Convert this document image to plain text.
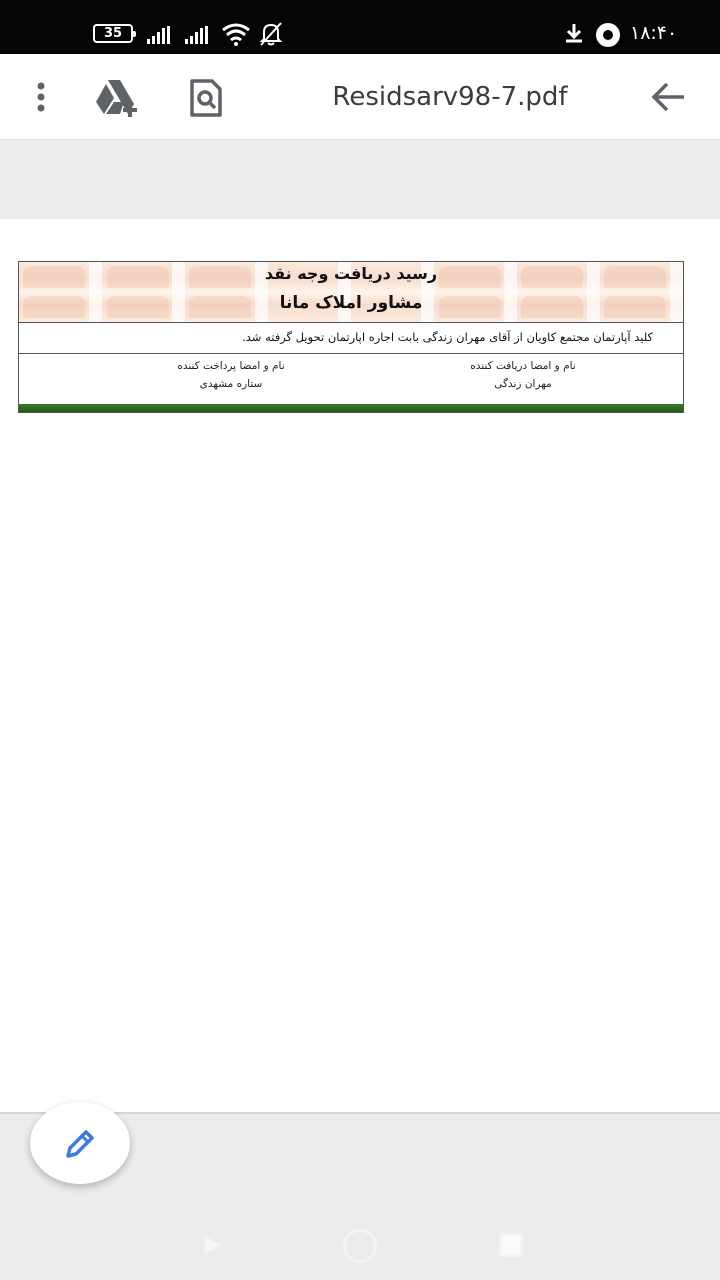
35	۱۸:۴۰
Residsarv98-7.pdf
رسید دریافت وجه نقد
مشاور املاک مانا
کلید آپارتمان مجتمع کاویان از آقای مهران زندگی بابت اجاره اپارتمان تحویل گرفته شد.
نام و امضا دریافت کننده
مهران زندگی
نام و امضا پرداخت کننده
ستاره مشهدی
